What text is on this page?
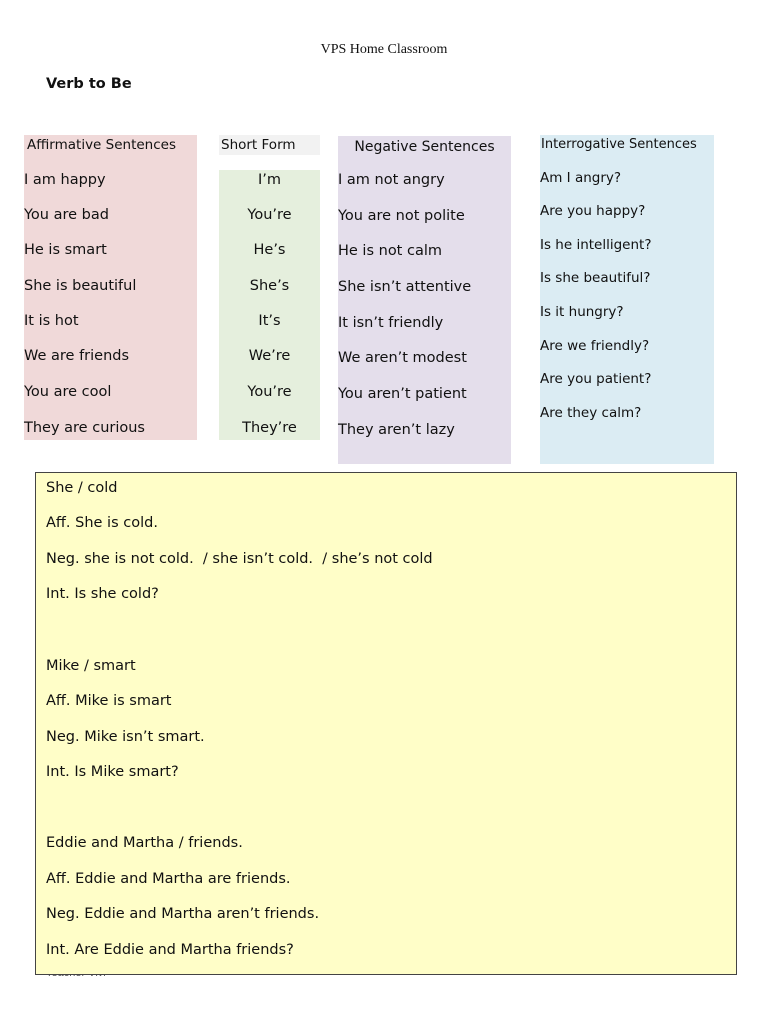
VPS Home Classroom
Verb to Be
Affirmative Sentences
I am happy
You are bad
He is smart
She is beautiful
It is hot
We are friends
You are cool
They are curious
Short Form
I’m
You’re
He’s
She’s
It’s
We’re
You’re
They’re
Negative Sentences
I am not angry
You are not polite
He is not calm
She isn’t attentive
It isn’t friendly
We aren’t modest
You aren’t patient
They aren’t lazy
Interrogative Sentences
Am I angry?
Are you happy?
Is he intelligent?
Is she beautiful?
Is it hungry?
Are we friendly?
Are you patient?
Are they calm?
She / cold
Aff. She is cold.
Neg. she is not cold.  / she isn’t cold.  / she’s not cold
Int. Is she cold?
Mike / smart
Aff. Mike is smart
Neg. Mike isn’t smart.
Int. Is Mike smart?
Eddie and Martha / friends.
Aff. Eddie and Martha are friends.
Neg. Eddie and Martha aren’t friends.
Int. Are Eddie and Martha friends?
